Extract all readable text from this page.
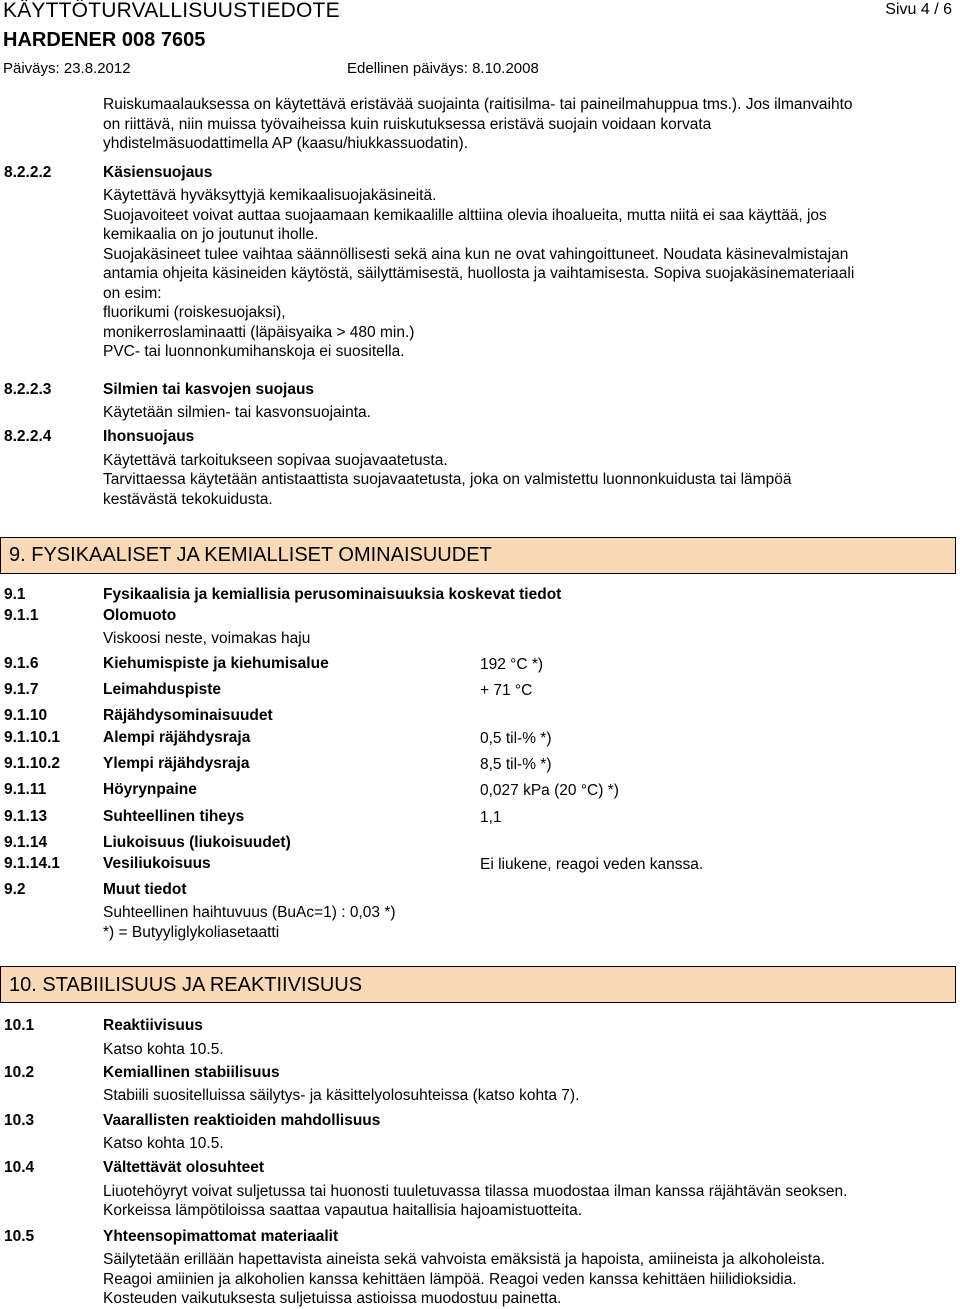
KÄYTTÖTURVALLISUUSTIEDOTE	Sivu 4 / 6
HARDENER 008 7605
Päiväys: 23.8.2012	Edellinen päiväys: 8.10.2008
Ruiskumaalauksessa on käytettävä eristävää suojainta (raitisilma- tai paineilmahuppua tms.). Jos ilmanvaihto
on riittävä, niin muissa työvaiheissa kuin ruiskutuksessa eristävä suojain voidaan korvata
yhdistelmäsuodattimella AP (kaasu/hiukkassuodatin).
8.2.2.2	Käsiensuojaus
Käytettävä hyväksyttyjä kemikaalisuojakäsineitä.
Suojavoiteet voivat auttaa suojaamaan kemikaalille alttiina olevia ihoalueita, mutta niitä ei saa käyttää, jos
kemikaalia on jo joutunut iholle.
Suojakäsineet tulee vaihtaa säännöllisesti sekä aina kun ne ovat vahingoittuneet. Noudata käsinevalmistajan
antamia ohjeita käsineiden käytöstä, säilyttämisestä, huollosta ja vaihtamisesta. Sopiva suojakäsinemateriaali
on esim:
fluorikumi (roiskesuojaksi),
monikerroslaminaatti (läpäisyaika > 480 min.)
PVC- tai luonnonkumihanskoja ei suositella.
8.2.2.3	Silmien tai kasvojen suojaus
Käytetään silmien- tai kasvonsuojainta.
8.2.2.4	Ihonsuojaus
Käytettävä tarkoitukseen sopivaa suojavaatetusta.
Tarvittaessa käytetään antistaattista suojavaatetusta, joka on valmistettu luonnonkuidusta tai lämpöä
kestävästä tekokuidusta.
9. FYSIKAALISET JA KEMIALLISET OMINAISUUDET
9.1	Fysikaalisia ja kemiallisia perusominaisuuksia koskevat tiedot
9.1.1	Olomuoto
Viskoosi neste, voimakas haju
9.1.6	Kiehumispiste ja kiehumisalue	192 °C *)
9.1.7	Leimahduspiste	+ 71 °C
9.1.10	Räjähdysominaisuudet
9.1.10.1	Alempi räjähdysraja	0,5 til-% *)
9.1.10.2	Ylempi räjähdysraja	8,5 til-% *)
9.1.11	Höyrynpaine	0,027 kPa (20 °C) *)
9.1.13	Suhteellinen tiheys	1,1
9.1.14	Liukoisuus (liukoisuudet)
9.1.14.1	Vesiliukoisuus	Ei liukene, reagoi veden kanssa.
9.2	Muut tiedot
Suhteellinen haihtuvuus (BuAc=1) : 0,03 *)
*) = Butyyliglykoliasetaatti
10. STABIILISUUS JA REAKTIIVISUUS
10.1	Reaktiivisuus
Katso kohta 10.5.
10.2	Kemiallinen stabiilisuus
Stabiili suositelluissa säilytys- ja käsittelyolosuhteissa (katso kohta 7).
10.3	Vaarallisten reaktioiden mahdollisuus
Katso kohta 10.5.
10.4	Vältettävät olosuhteet
Liuotehöyryt voivat suljetussa tai huonosti tuuletuvassa tilassa muodostaa ilman kanssa räjähtävän seoksen.
Korkeissa lämpötiloissa saattaa vapautua haitallisia hajoamistuotteita.
10.5	Yhteensopimattomat materiaalit
Säilytetään erillään hapettavista aineista sekä vahvoista emäksistä ja hapoista, amiineista ja alkoholeista.
Reagoi amiinien ja alkoholien kanssa kehittäen lämpöä. Reagoi veden kanssa kehittäen hiilidioksidia.
Kosteuden vaikutuksesta suljetuissa astioissa muodostuu painetta.
